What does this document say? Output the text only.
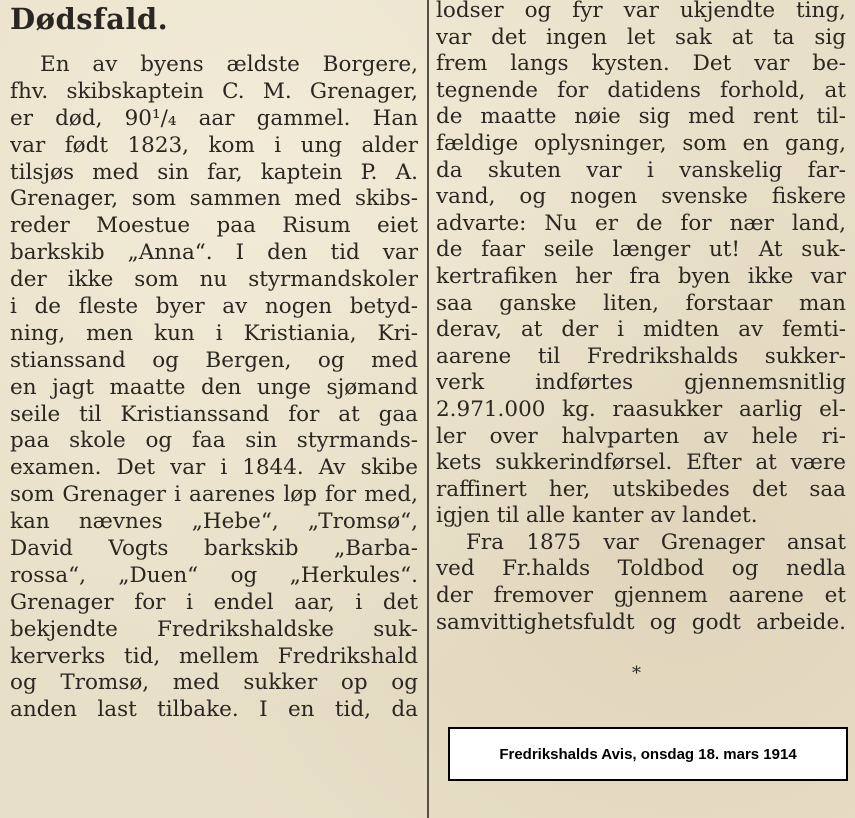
Dødsfald.
En av byens ældste Borgere,
fhv. skibskaptein C. M. Grenager,
er død, 90¹/₄ aar gammel. Han
var født 1823, kom i ung alder
tilsjøs med sin far, kaptein P. A.
Grenager, som sammen med skibs-
reder Moestue paa Risum eiet
barkskib „Anna“. I den tid var
der ikke som nu styrmandskoler
i de fleste byer av nogen betyd-
ning, men kun i Kristiania, Kri-
stianssand og Bergen, og med
en jagt maatte den unge sjømand
seile til Kristianssand for at gaa
paa skole og faa sin styrmands-
examen. Det var i 1844. Av skibe
som Grenager i aarenes løp for med,
kan nævnes „Hebe“, „Tromsø“,
David Vogts barkskib „Barba-
rossa“, „Duen“ og „Herkules“.
Grenager for i endel aar, i det
bekjendte Fredrikshaldske suk-
kerverks tid, mellem Fredrikshald
og Tromsø, med sukker op og
anden last tilbake. I en tid, da
lodser og fyr var ukjendte ting,
var det ingen let sak at ta sig
frem langs kysten. Det var be-
tegnende for datidens forhold, at
de maatte nøie sig med rent til-
fældige oplysninger, som en gang,
da skuten var i vanskelig far-
vand, og nogen svenske fiskere
advarte: Nu er de for nær land,
de faar seile længer ut! At suk-
kertrafiken her fra byen ikke var
saa ganske liten, forstaar man
derav, at der i midten av femti-
aarene til Fredrikshalds sukker-
verk indførtes gjennemsnitlig
2.971.000 kg. raasukker aarlig el-
ler over halvparten av hele ri-
kets sukkerindførsel. Efter at være
raffinert her, utskibedes det saa
igjen til alle kanter av landet.
Fra 1875 var Grenager ansat
ved Fr.halds Toldbod og nedla
der fremover gjennem aarene et
samvittighetsfuldt og godt arbeide.
*
Fredrikshalds Avis, onsdag 18. mars 1914
